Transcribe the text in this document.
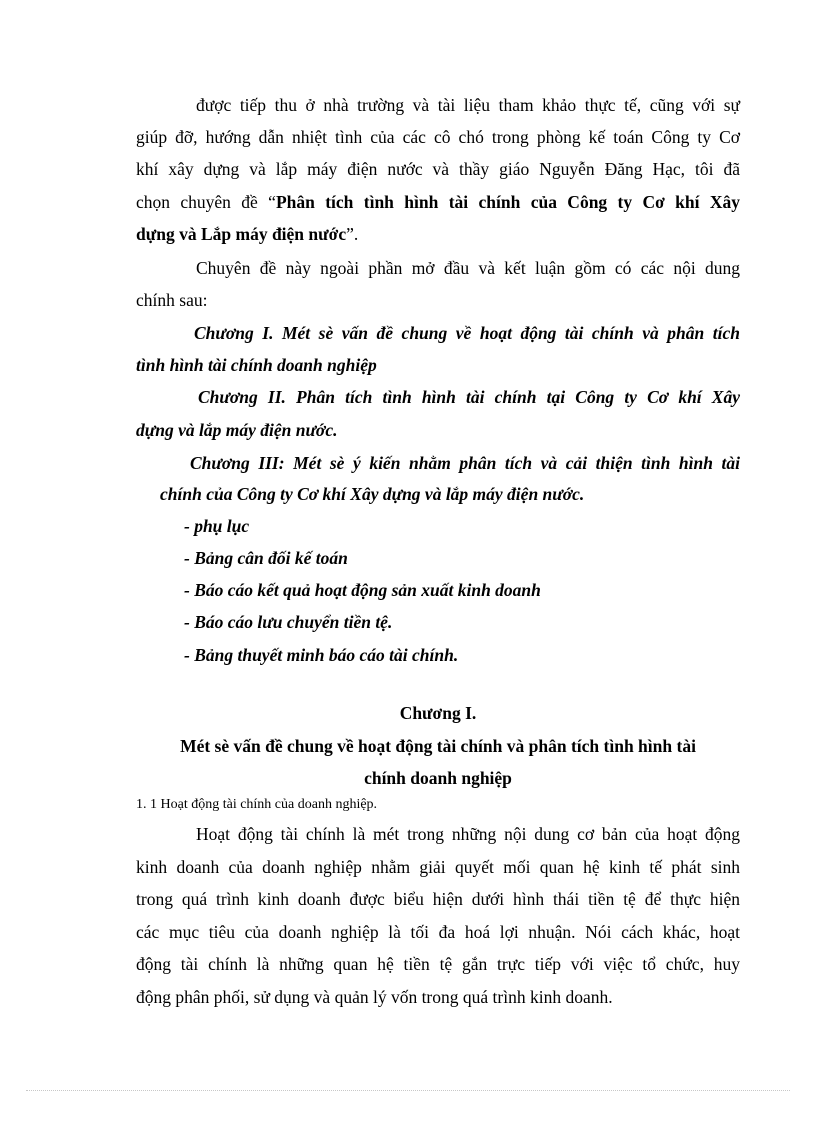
được tiếp thu ở nhà trường và tài liệu tham khảo thực tế, cũng với sự
giúp đỡ, hướng dẫn nhiệt tình của các cô chó trong phòng kế toán Công ty Cơ
khí xây dựng và lắp máy điện nước và thầy giáo Nguyễn Đăng Hạc, tôi đã
chọn chuyên đề “Phân tích tình hình tài chính của Công ty Cơ khí Xây
dựng và Lắp máy điện nước”.
Chuyên đề này ngoài phần mở đầu và kết luận gồm có các nội dung
chính sau:
Chương I. Mét sè vấn đề chung về hoạt động tài chính và phân tích
tình hình tài chính doanh nghiệp
Chương II. Phân tích tình hình tài chính tại Công ty Cơ khí Xây
dựng và lắp máy điện nước.
Chương III: Mét sè ý kiến nhằm phân tích và cải thiện tình hình tài
chính của Công ty Cơ khí Xây dựng và lắp máy điện nước.
- phụ lục
- Bảng cân đối kế toán
- Báo cáo kết quả hoạt động sản xuất kinh doanh
- Báo cáo lưu chuyển tiền tệ.
- Bảng thuyết minh báo cáo tài chính.
Chương I.
Mét sè vấn đề chung về hoạt động tài chính và phân tích tình hình tài
chính doanh nghiệp
1. 1 Hoạt động tài chính của doanh nghiệp.
Hoạt động tài chính là mét trong những nội dung cơ bản của hoạt động
kinh doanh của doanh nghiệp nhằm giải quyết mối quan hệ kinh tế phát sinh
trong quá trình kinh doanh được biểu hiện dưới hình thái tiền tệ để thực hiện
các mục tiêu của doanh nghiệp là tối đa hoá lợi nhuận. Nói cách khác, hoạt
động tài chính là những quan hệ tiền tệ gắn trực tiếp với việc tổ chức, huy
động phân phối, sử dụng và quản lý vốn trong quá trình kinh doanh.
